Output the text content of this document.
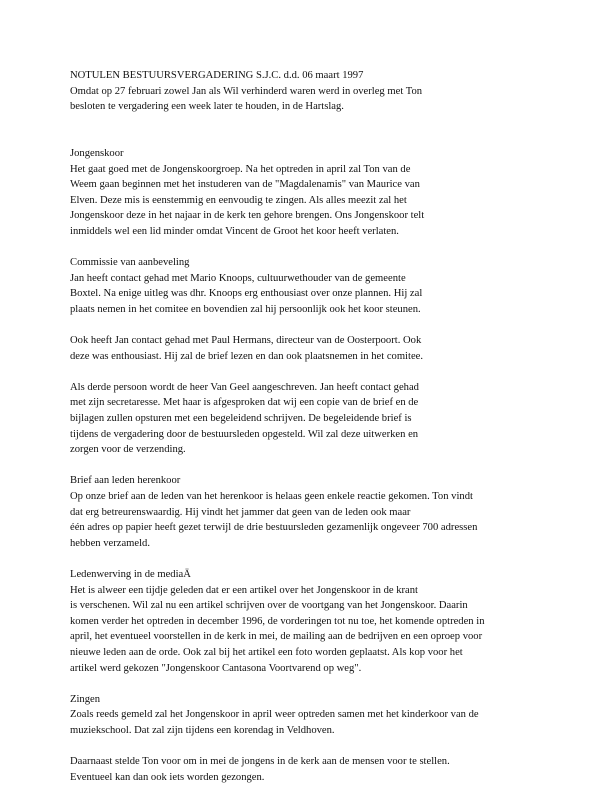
NOTULEN BESTUURSVERGADERING S.J.C. d.d. 06 maart 1997

Omdat op 27 februari zowel Jan als Wil verhinderd waren werd in overleg met Ton
besloten te vergadering een week later te houden, in de Hartslag.
Jongenskoor
Het gaat goed met de Jongenskoorgroep. Na het optreden in april zal Ton van de
Weem gaan beginnen met het instuderen van de "Magdalenamis" van Maurice van
Elven. Deze mis is eenstemmig en eenvoudig te zingen. Als alles meezit zal het
Jongenskoor deze in het najaar in de kerk ten gehore brengen. Ons Jongenskoor telt
inmiddels wel een lid minder omdat Vincent de Groot het koor heeft verlaten.
Commissie van aanbeveling
Jan heeft contact gehad met Mario Knoops, cultuurwethouder van de gemeente
Boxtel. Na enige uitleg was dhr. Knoops erg enthousiast over onze plannen. Hij zal
plaats nemen in het comitee en bovendien zal hij persoonlijk ook het koor steunen.
Ook heeft Jan contact gehad met Paul Hermans, directeur van de Oosterpoort. Ook
deze was enthousiast. Hij zal de brief lezen en dan ook plaatsnemen in het comitee.
Als derde persoon wordt de heer Van Geel aangeschreven. Jan heeft contact gehad
met zijn secretaresse. Met haar is afgesproken dat wij een copie van de brief en de
bijlagen zullen opsturen met een begeleidend schrijven. De begeleidende brief is
tijdens de vergadering door de bestuursleden opgesteld. Wil zal deze uitwerken en
zorgen voor de verzending.
Brief aan leden herenkoor
Op onze brief aan de leden van het herenkoor is helaas geen enkele reactie gekomen. Ton vindt
dat erg betreurenswaardig. Hij vindt het jammer dat geen van de leden ook maar
één adres op papier heeft gezet terwijl de drie bestuursleden gezamenlijk ongeveer 700 adressen
hebben verzameld.
Ledenwerving in de mediaÄ
Het is alweer een tijdje geleden dat er een artikel over het Jongenskoor in de krant
is verschenen. Wil zal nu een artikel schrijven over de voortgang van het Jongenskoor. Daarin
komen verder het optreden in december 1996, de vorderingen tot nu toe, het komende optreden in
april, het eventueel voorstellen in de kerk in mei, de mailing aan de bedrijven en een oproep voor
nieuwe leden aan de orde. Ook zal bij het artikel een foto worden geplaatst. Als kop voor het
artikel werd gekozen "Jongenskoor Cantasona Voortvarend op weg".
Zingen
Zoals reeds gemeld zal het Jongenskoor in april weer optreden samen met het kinderkoor van de
muziekschool. Dat zal zijn tijdens een korendag in Veldhoven.
Daarnaast stelde Ton voor om in mei de jongens in de kerk aan de mensen voor te stellen.
Eventueel kan dan ook iets worden gezongen.
